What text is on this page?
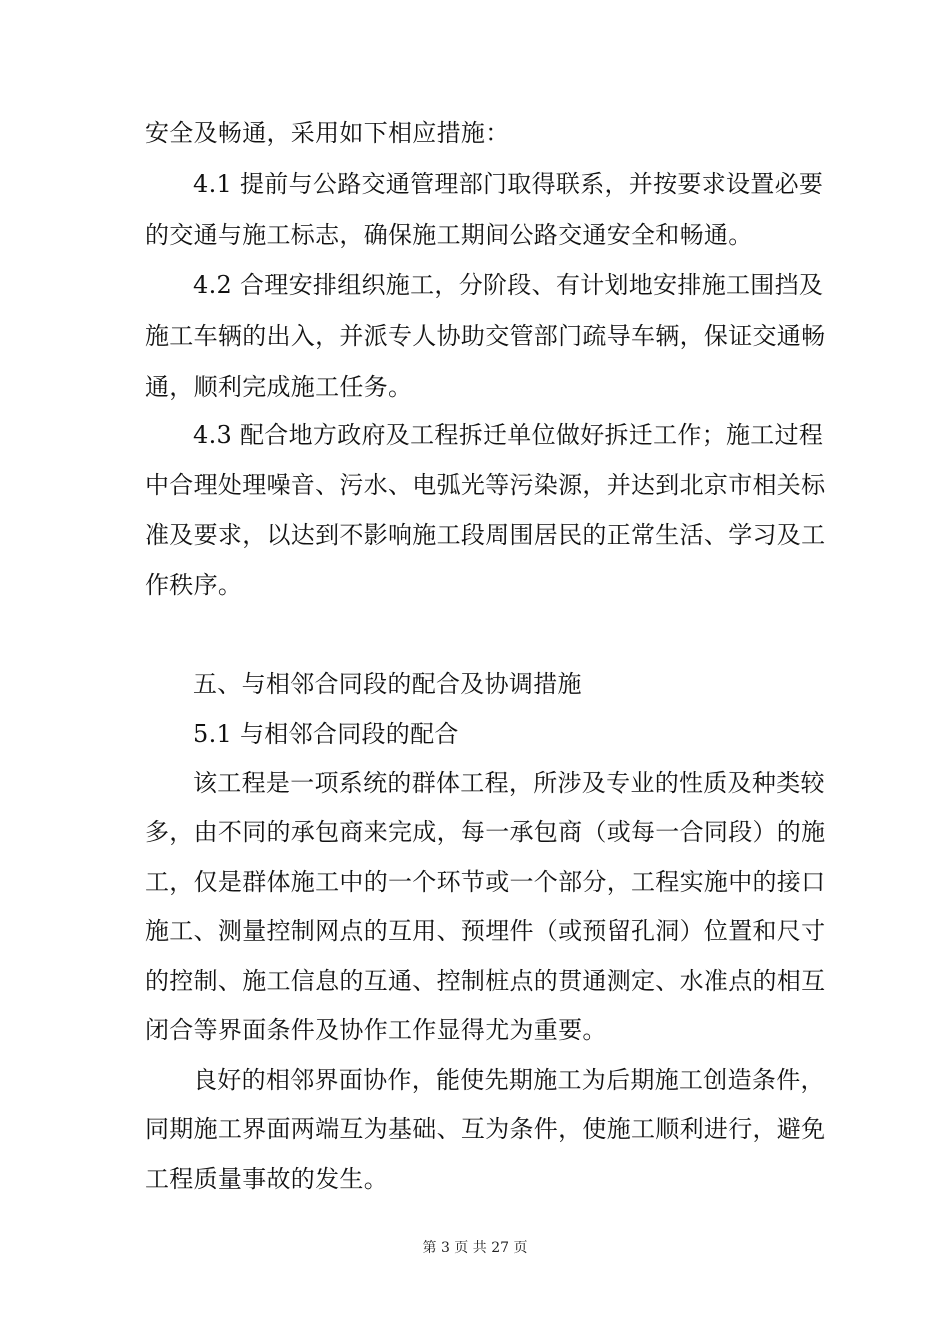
安全及畅通，采用如下相应措施：
4.1 提前与公路交通管理部门取得联系，并按要求设置必要
的交通与施工标志，确保施工期间公路交通安全和畅通。
4.2 合理安排组织施工，分阶段、有计划地安排施工围挡及
施工车辆的出入，并派专人协助交管部门疏导车辆，保证交通畅
通，顺利完成施工任务。
4.3 配合地方政府及工程拆迁单位做好拆迁工作；施工过程
中合理处理噪音、污水、电弧光等污染源，并达到北京市相关标
准及要求，以达到不影响施工段周围居民的正常生活、学习及工
作秩序。
五、与相邻合同段的配合及协调措施
5.1 与相邻合同段的配合
该工程是一项系统的群体工程，所涉及专业的性质及种类较
多，由不同的承包商来完成，每一承包商（或每一合同段）的施
工，仅是群体施工中的一个环节或一个部分，工程实施中的接口
施工、测量控制网点的互用、预埋件（或预留孔洞）位置和尺寸
的控制、施工信息的互通、控制桩点的贯通测定、水准点的相互
闭合等界面条件及协作工作显得尤为重要。
良好的相邻界面协作，能使先期施工为后期施工创造条件，
同期施工界面两端互为基础、互为条件，使施工顺利进行，避免
工程质量事故的发生。
第 3 页 共 27 页
